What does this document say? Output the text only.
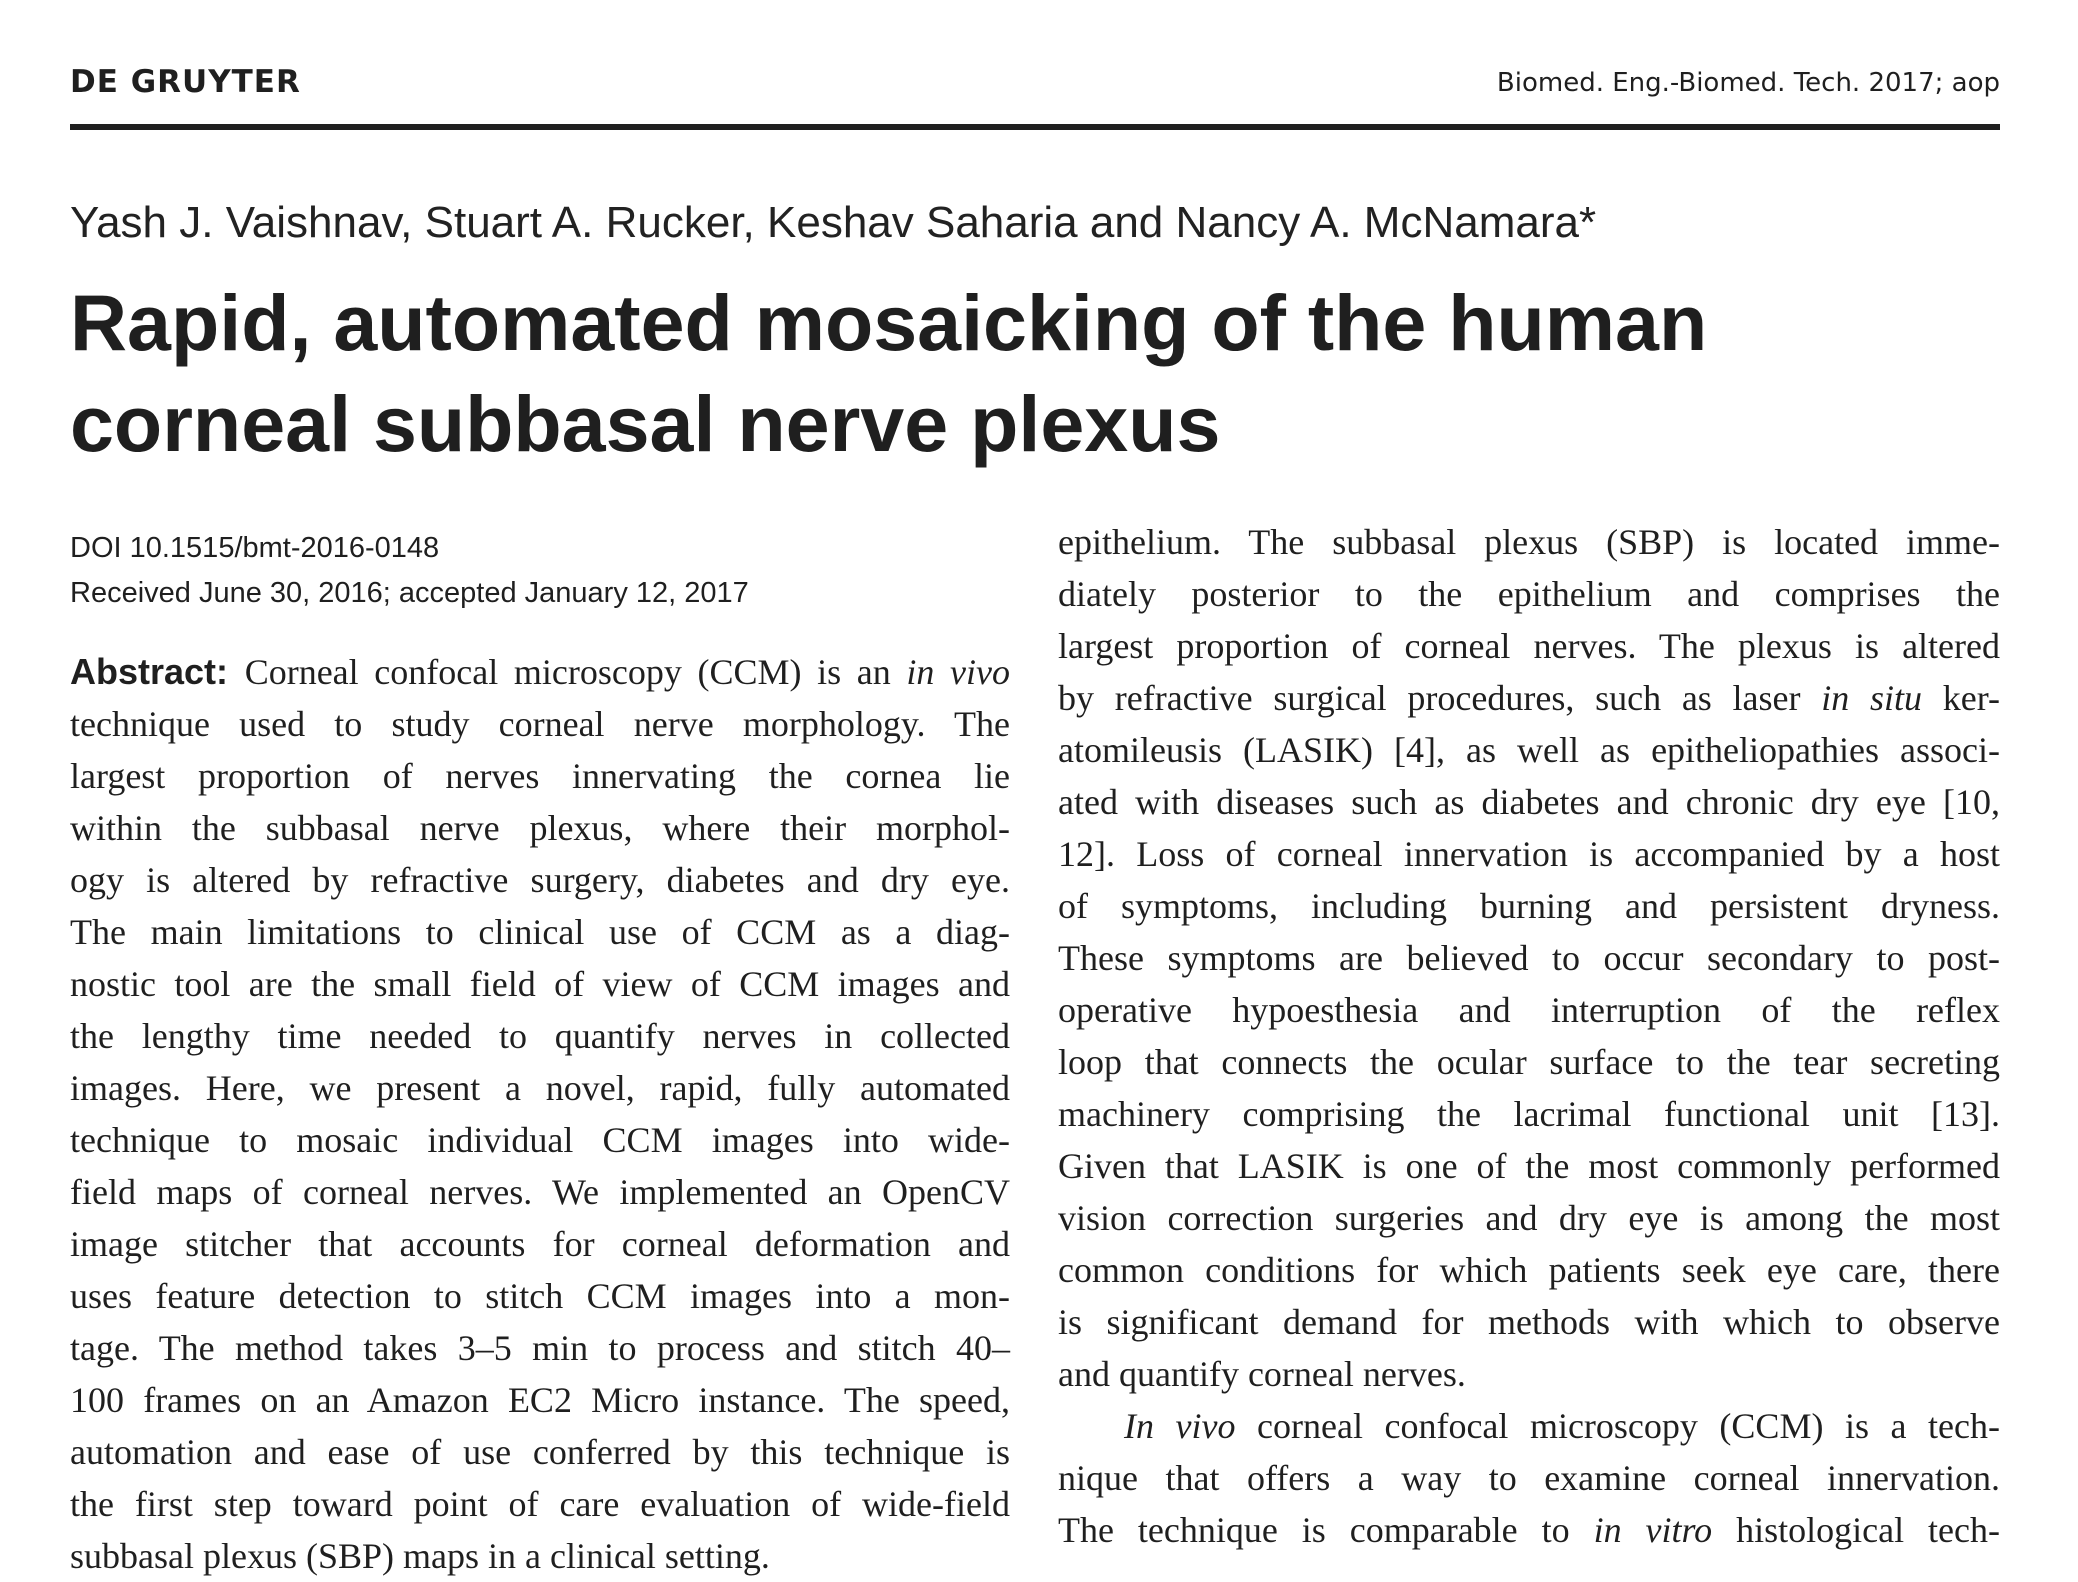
DE GRUYTER	Biomed. Eng.-Biomed. Tech. 2017; aop
Yash J. Vaishnav, Stuart A. Rucker, Keshav Saharia and Nancy A. McNamara*
Rapid, automated mosaicking of the human
corneal subbasal nerve plexus
DOI 10.1515/bmt-2016-0148
Received June 30, 2016; accepted January 12, 2017
Abstract: Corneal confocal microscopy (CCM) is an in vivo
technique used to study corneal nerve morphology. The
largest proportion of nerves innervating the cornea lie
within the subbasal nerve plexus, where their morphol-
ogy is altered by refractive surgery, diabetes and dry eye.
The main limitations to clinical use of CCM as a diag-
nostic tool are the small field of view of CCM images and
the lengthy time needed to quantify nerves in collected
images. Here, we present a novel, rapid, fully automated
technique to mosaic individual CCM images into wide-
field maps of corneal nerves. We implemented an OpenCV
image stitcher that accounts for corneal deformation and
uses feature detection to stitch CCM images into a mon-
tage. The method takes 3–5 min to process and stitch 40–
100 frames on an Amazon EC2 Micro instance. The speed,
automation and ease of use conferred by this technique is
the first step toward point of care evaluation of wide-field
subbasal plexus (SBP) maps in a clinical setting.
epithelium. The subbasal plexus (SBP) is located imme-
diately posterior to the epithelium and comprises the
largest proportion of corneal nerves. The plexus is altered
by refractive surgical procedures, such as laser in situ ker-
atomileusis (LASIK) [4], as well as epitheliopathies associ-
ated with diseases such as diabetes and chronic dry eye [10,
12]. Loss of corneal innervation is accompanied by a host
of symptoms, including burning and persistent dryness.
These symptoms are believed to occur secondary to post-
operative hypoesthesia and interruption of the reflex
loop that connects the ocular surface to the tear secreting
machinery comprising the lacrimal functional unit [13].
Given that LASIK is one of the most commonly performed
vision correction surgeries and dry eye is among the most
common conditions for which patients seek eye care, there
is significant demand for methods with which to observe
and quantify corneal nerves.
In vivo corneal confocal microscopy (CCM) is a tech-
nique that offers a way to examine corneal innervation.
The technique is comparable to in vitro histological tech-
